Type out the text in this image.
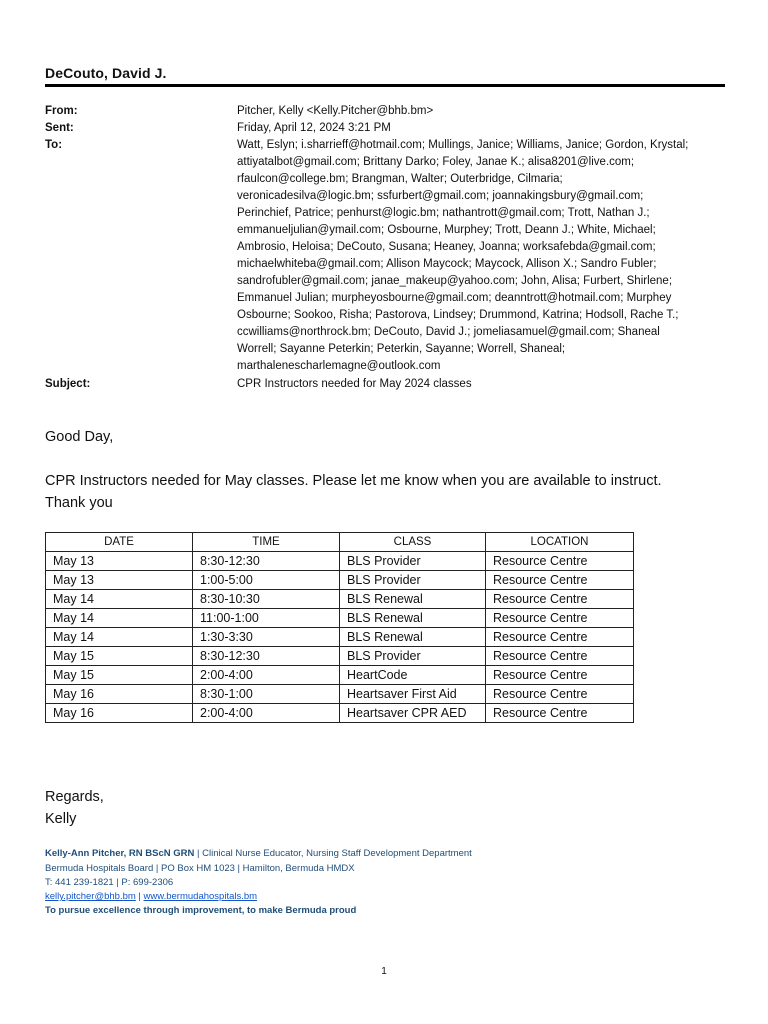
DeCouto, David J.
From:	Pitcher, Kelly <Kelly.Pitcher@bhb.bm>
Sent:	Friday, April 12, 2024 3:21 PM
To:	Watt, Eslyn; i.sharrieff@hotmail.com; Mullings, Janice; Williams, Janice; Gordon, Krystal;
attiyatalbot@gmail.com; Brittany Darko; Foley, Janae K.; alisa8201@live.com;
rfaulcon@college.bm; Brangman, Walter; Outerbridge, Cilmaria;
veronicadesilva@logic.bm; ssfurbert@gmail.com; joannakingsbury@gmail.com;
Perinchief, Patrice; penhurst@logic.bm; nathantrott@gmail.com; Trott, Nathan J.;
emmanueljulian@ymail.com; Osbourne, Murphey; Trott, Deann J.; White, Michael;
Ambrosio, Heloisa; DeCouto, Susana; Heaney, Joanna; worksafebda@gmail.com;
michaelwhiteba@gmail.com; Allison Maycock; Maycock, Allison X.; Sandro Fubler;
sandrofubler@gmail.com; janae_makeup@yahoo.com; John, Alisa; Furbert, Shirlene;
Emmanuel Julian; murpheyosbourne@gmail.com; deanntrott@hotmail.com; Murphey
Osbourne; Sookoo, Risha; Pastorova, Lindsey; Drummond, Katrina; Hodsoll, Rache T.;
ccwilliams@northrock.bm; DeCouto, David J.; jomeliasamuel@gmail.com; Shaneal
Worrell; Sayanne Peterkin; Peterkin, Sayanne; Worrell, Shaneal;
marthalenescharlemagne@outlook.com
Subject:	CPR Instructors needed for May 2024 classes
Good Day,
CPR Instructors needed for May classes. Please let me know when you are available to instruct. Thank you
DATE	TIME	CLASS	LOCATION
May 13	8:30-12:30	BLS Provider	Resource Centre
May 13	1:00-5:00	BLS Provider	Resource Centre
May 14	8:30-10:30	BLS Renewal	Resource Centre
May 14	11:00-1:00	BLS Renewal	Resource Centre
May 14	1:30-3:30	BLS Renewal	Resource Centre
May 15	8:30-12:30	BLS Provider	Resource Centre
May 15	2:00-4:00	HeartCode	Resource Centre
May 16	8:30-1:00	Heartsaver First Aid	Resource Centre
May 16	2:00-4:00	Heartsaver CPR AED	Resource Centre
Regards,
Kelly
Kelly-Ann Pitcher, RN BScN GRN | Clinical Nurse Educator, Nursing Staff Development Department
Bermuda Hospitals Board | PO Box HM 1023 | Hamilton, Bermuda HMDX
T: 441 239-1821 | P: 699-2306
kelly.pitcher@bhb.bm | www.bermudahospitals.bm
To pursue excellence through improvement, to make Bermuda proud
1
